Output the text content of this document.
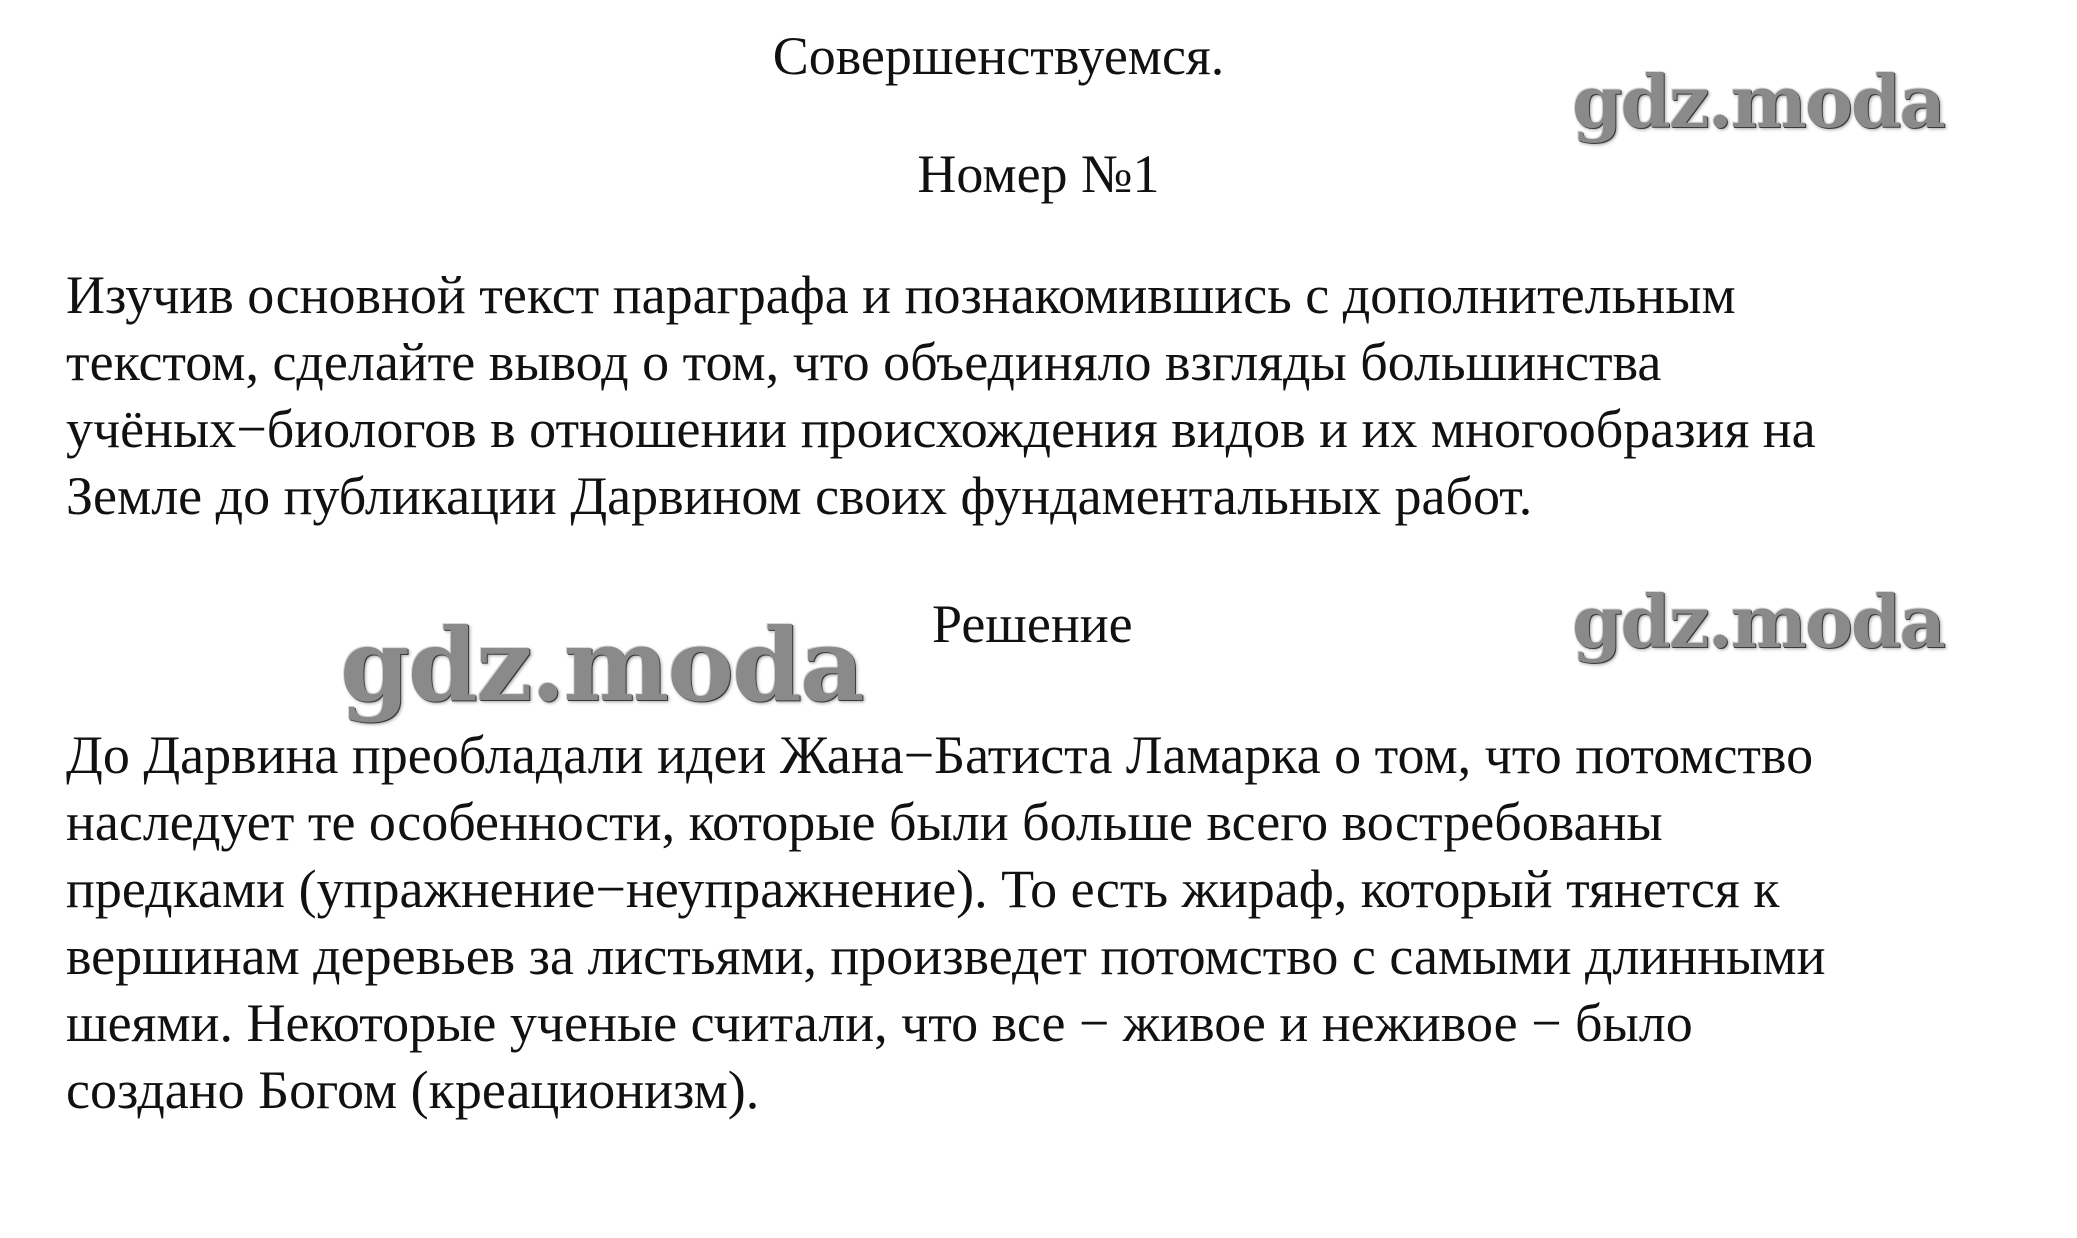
Совершенствуемся.
gdz.moda
Номер №1
Изучив основной текст параграфа и познакомившись с дополнительным
текстом, сделайте вывод о том, что объединяло взгляды большинства
учёных−биологов в отношении происхождения видов и их многообразия на
Земле до публикации Дарвином своих фундаментальных работ.
gdz.moda Решение	gdz.moda
До Дарвина преобладали идеи Жана−Батиста Ламарка о том, что потомство
наследует те особенности, которые были больше всего востребованы
предками (упражнение−неупражнение). То есть жираф, который тянется к
вершинам деревьев за листьями, произведет потомство с самыми длинными
шеями. Некоторые ученые считали, что все − живое и неживое − было
создано Богом (креационизм).
